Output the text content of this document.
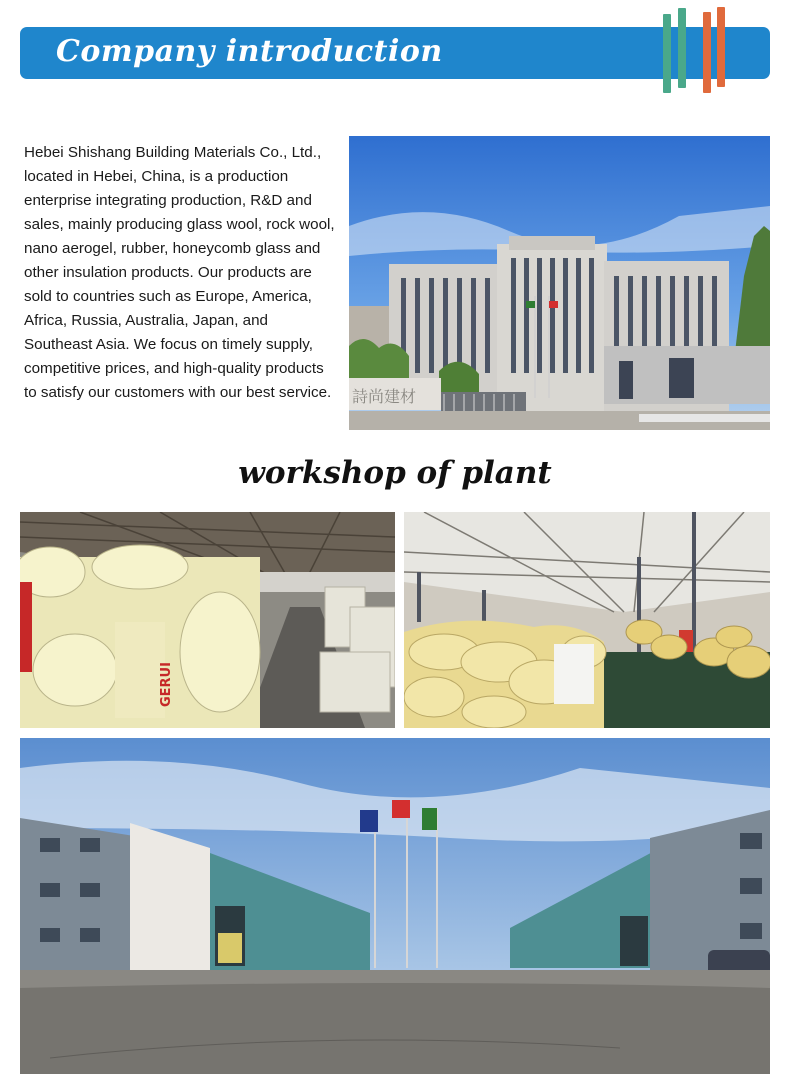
Company introduction

Hebei Shishang Building Materials Co., Ltd., located in Hebei, China, is a production enterprise integrating production, R&D and sales, mainly producing glass wool, rock wool, nano aerogel, rubber, honeycomb glass and other insulation products. Our products are sold to countries such as Europe, America, Africa, Russia, Australia, Japan, and Southeast Asia. We focus on timely supply, competitive prices, and high-quality products to satisfy our customers with our best service. 詩尚建材
workshop of plant
GERUI
